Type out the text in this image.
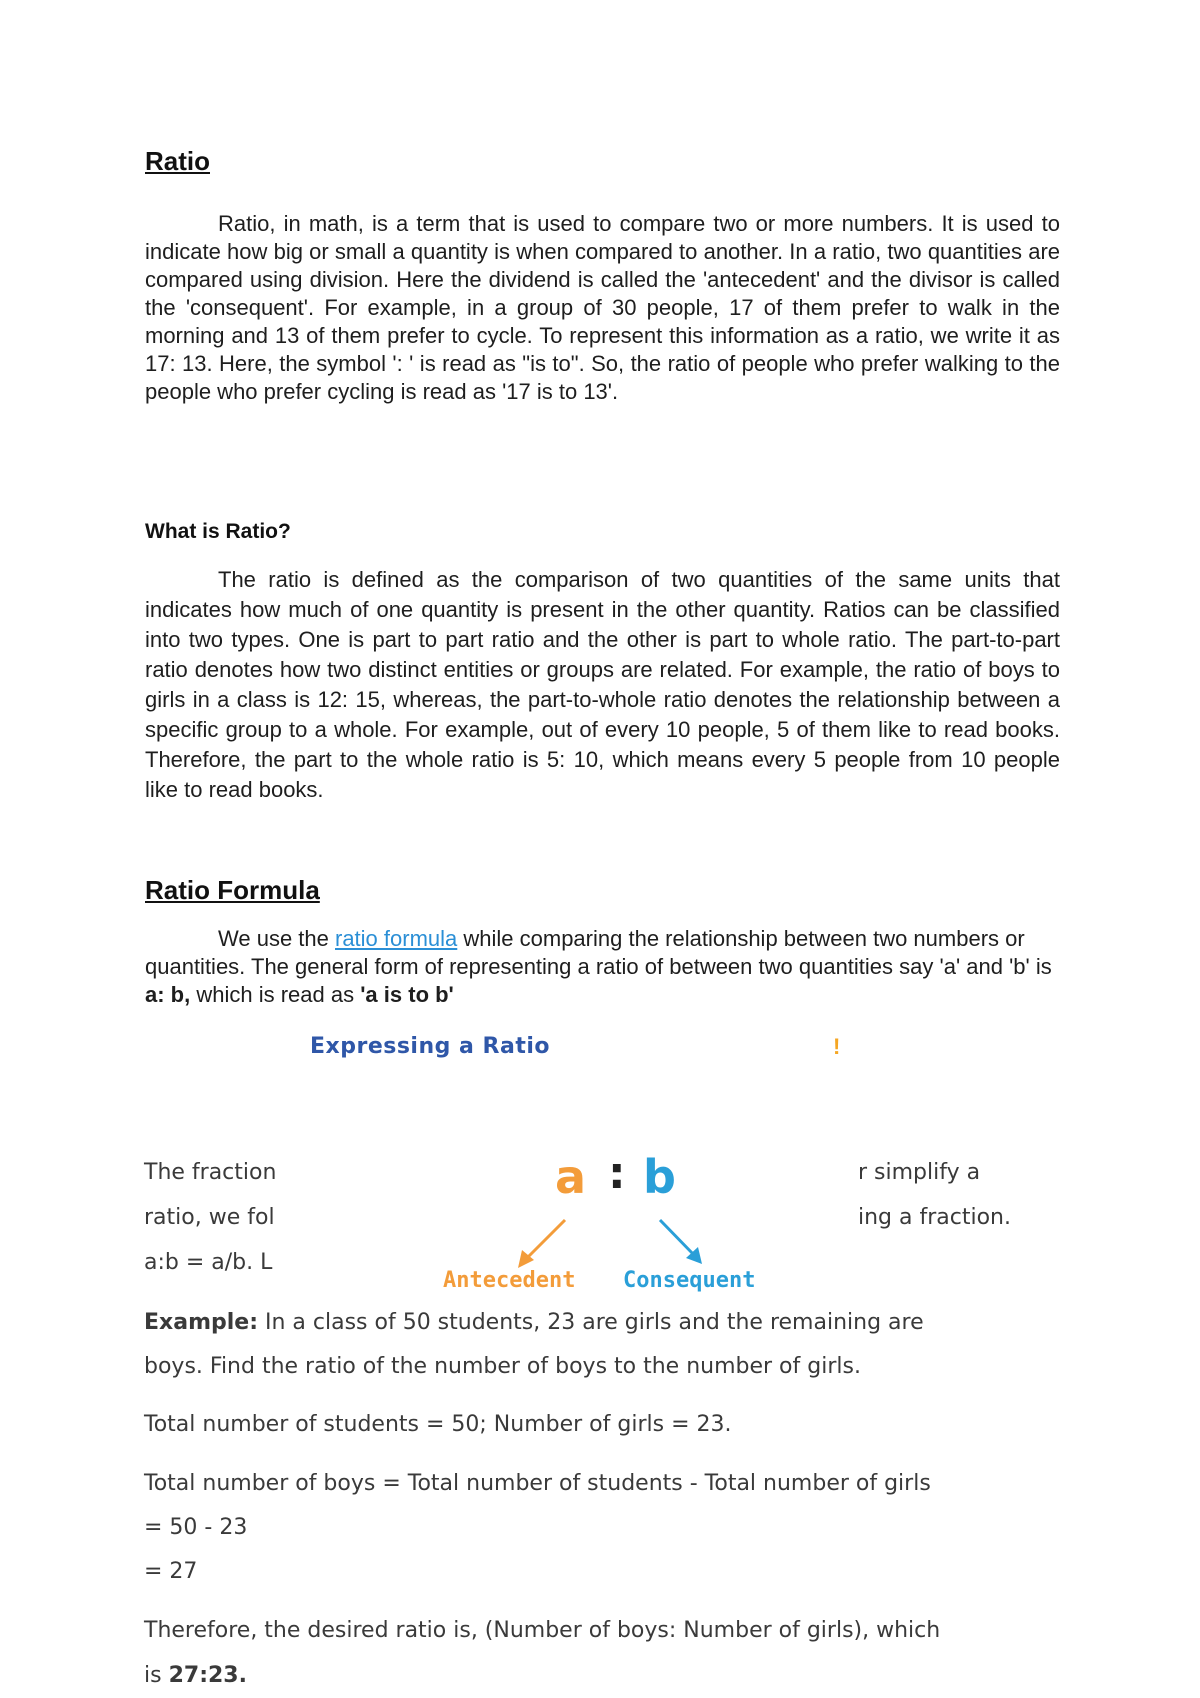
Ratio
Ratio, in math, is a term that is used to compare two or more numbers. It is used to indicate how big or small a quantity is when compared to another. In a ratio, two quantities are compared using division. Here the dividend is called the 'antecedent' and the divisor is called the 'consequent'. For example, in a group of 30 people, 17 of them prefer to walk in the morning and 13 of them prefer to cycle. To represent this information as a ratio, we write it as 17: 13. Here, the symbol ': ' is read as "is to". So, the ratio of people who prefer walking to the people who prefer cycling is read as '17 is to 13'.
What is Ratio?
The ratio is defined as the comparison of two quantities of the same units that indicates how much of one quantity is present in the other quantity. Ratios can be classified into two types. One is part to part ratio and the other is part to whole ratio. The part-to-part ratio denotes how two distinct entities or groups are related. For example, the ratio of boys to girls in a class is 12: 15, whereas, the part-to-whole ratio denotes the relationship between a specific group to a whole. For example, out of every 10 people, 5 of them like to read books. Therefore, the part to the whole ratio is 5: 10, which means every 5 people from 10 people like to read books.
Ratio Formula
We use the ratio formula while comparing the relationship between two numbers or quantities. The general form of representing a ratio of between two quantities say 'a' and 'b' is a: b, which is read as 'a is to b'
Expressing a Ratio	!
The fraction
ratio, we fol
a:b = a/b. L
r simplify a
ing a fraction.
a : b
Antecedent Consequent
Example: In a class of 50 students, 23 are girls and the remaining are
boys. Find the ratio of the number of boys to the number of girls.
Total number of students = 50; Number of girls = 23.
Total number of boys = Total number of students - Total number of girls
= 50 - 23
= 27
Therefore, the desired ratio is, (Number of boys: Number of girls), which
is 27:23.
